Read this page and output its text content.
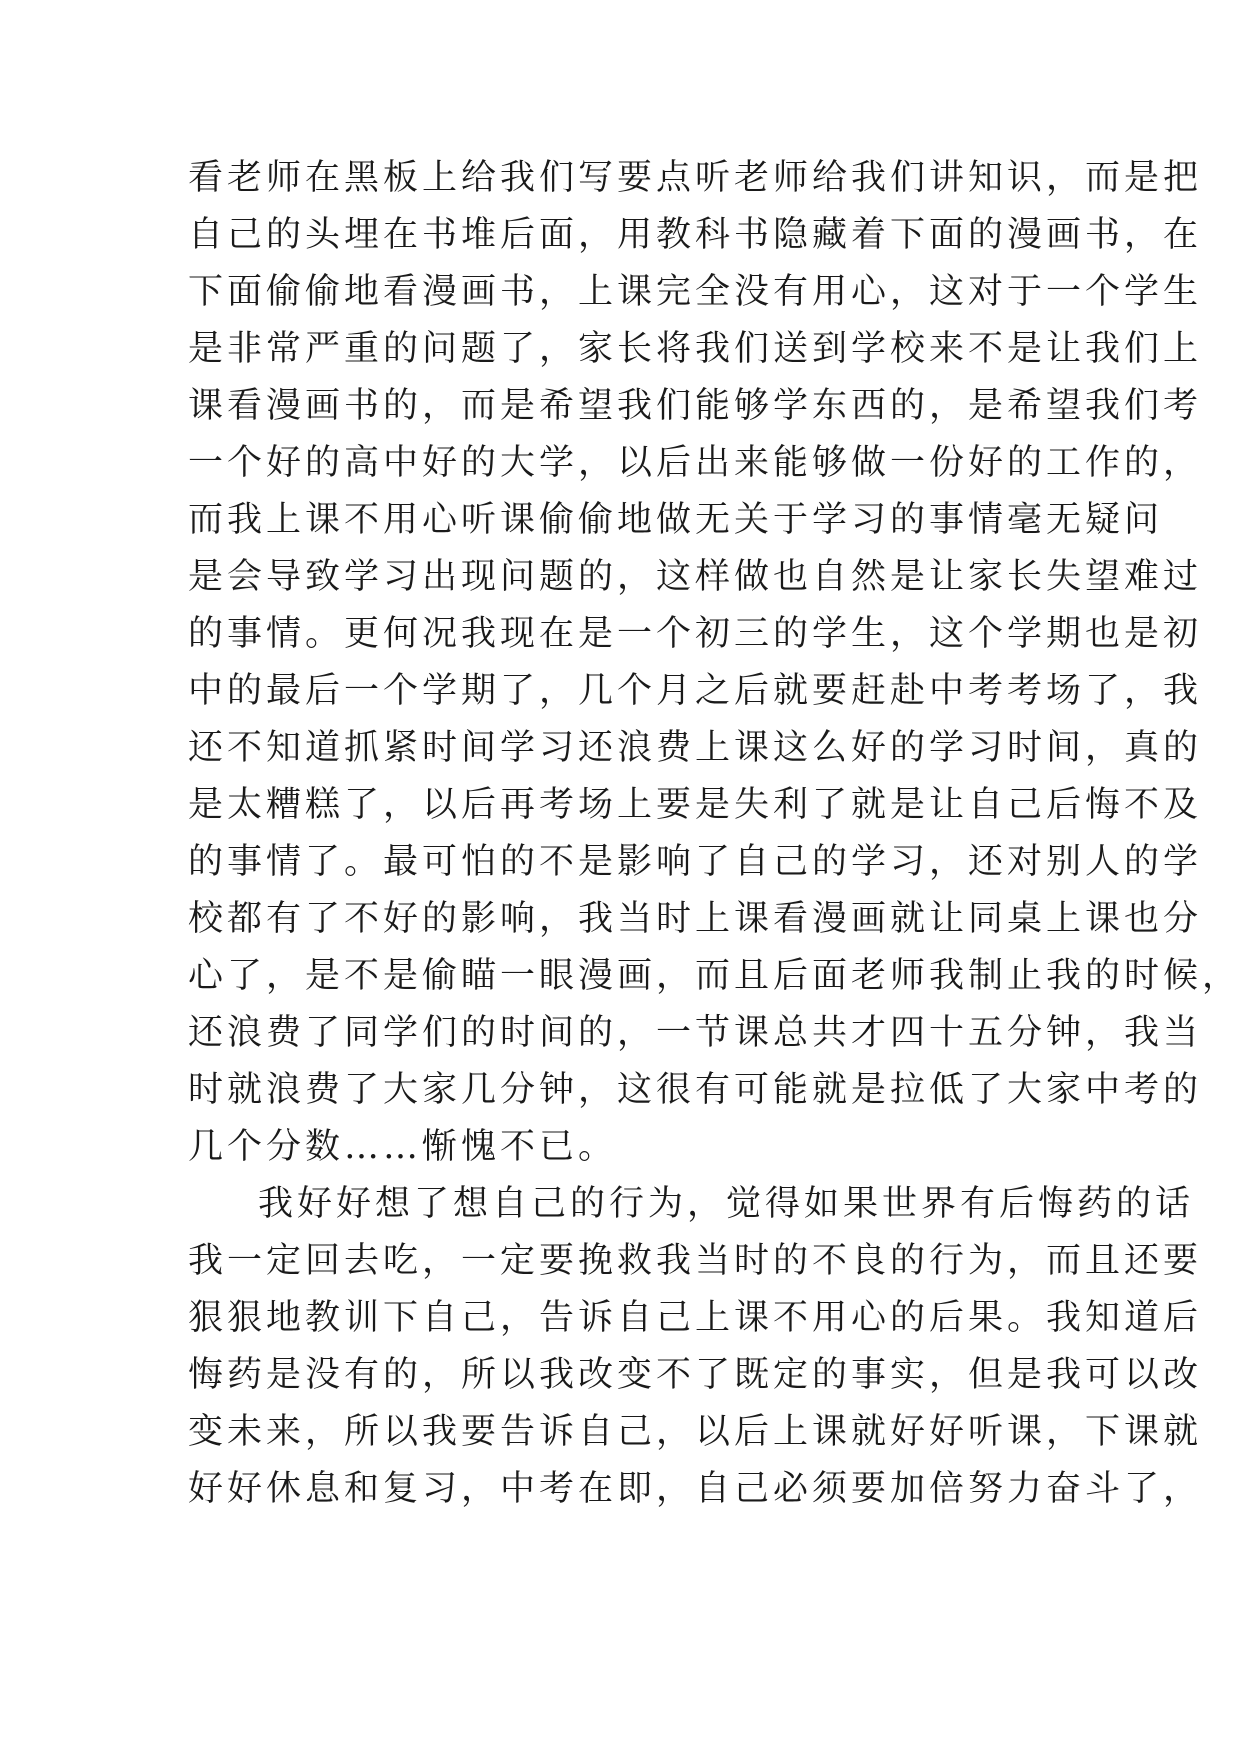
看老师在黑板上给我们写要点听老师给我们讲知识，而是把
自己的头埋在书堆后面，用教科书隐藏着下面的漫画书，在
下面偷偷地看漫画书，上课完全没有用心，这对于一个学生
是非常严重的问题了，家长将我们送到学校来不是让我们上
课看漫画书的，而是希望我们能够学东西的，是希望我们考
一个好的高中好的大学，以后出来能够做一份好的工作的，
而我上课不用心听课偷偷地做无关于学习的事情毫无疑问
是会导致学习出现问题的，这样做也自然是让家长失望难过
的事情。更何况我现在是一个初三的学生，这个学期也是初
中的最后一个学期了，几个月之后就要赶赴中考考场了，我
还不知道抓紧时间学习还浪费上课这么好的学习时间，真的
是太糟糕了，以后再考场上要是失利了就是让自己后悔不及
的事情了。最可怕的不是影响了自己的学习，还对别人的学
校都有了不好的影响，我当时上课看漫画就让同桌上课也分
心了，是不是偷瞄一眼漫画，而且后面老师我制止我的时候，
还浪费了同学们的时间的，一节课总共才四十五分钟，我当
时就浪费了大家几分钟，这很有可能就是拉低了大家中考的
几个分数……惭愧不已。
我好好想了想自己的行为，觉得如果世界有后悔药的话
我一定回去吃，一定要挽救我当时的不良的行为，而且还要
狠狠地教训下自己，告诉自己上课不用心的后果。我知道后
悔药是没有的，所以我改变不了既定的事实，但是我可以改
变未来，所以我要告诉自己，以后上课就好好听课，下课就
好好休息和复习，中考在即，自己必须要加倍努力奋斗了，
